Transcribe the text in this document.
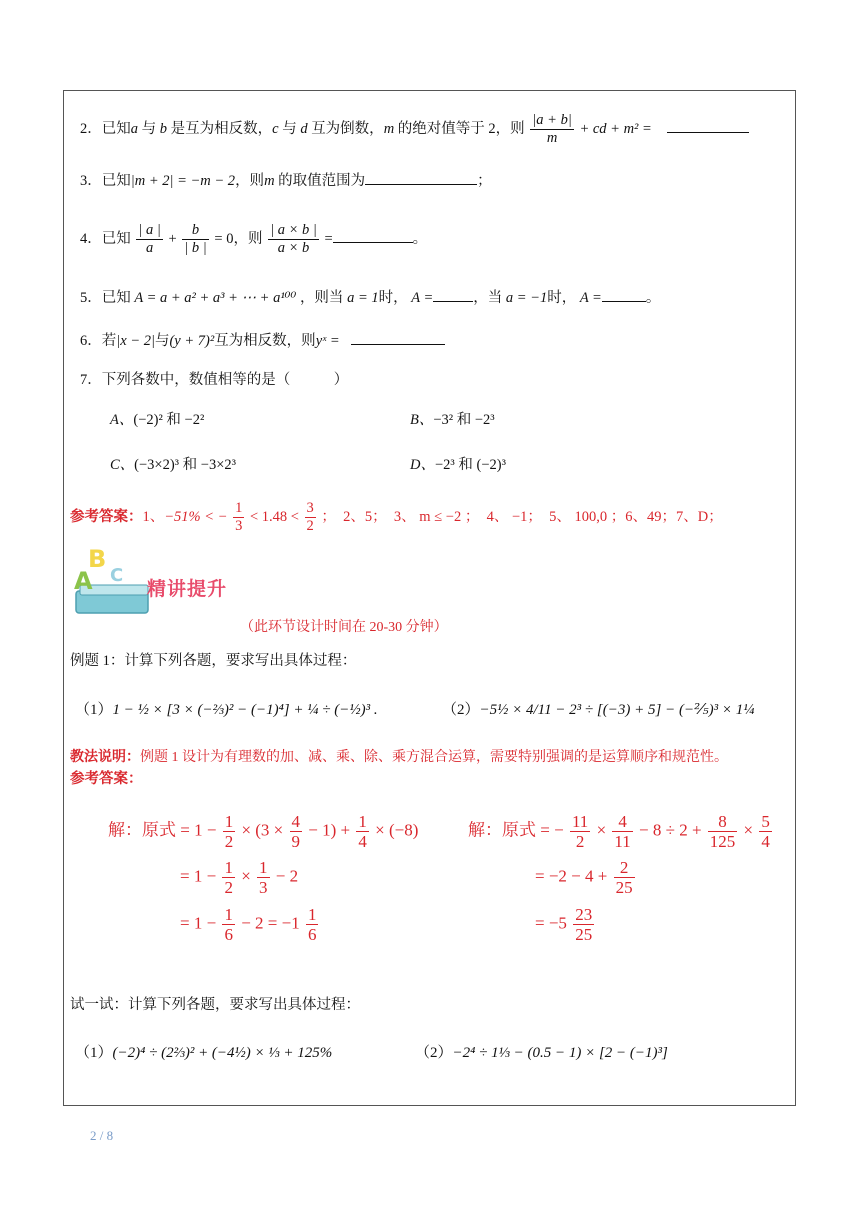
2．已知a 与 b 是互为相反数，c 与 d 互为倒数，m 的绝对值等于 2，则 $\frac{|a + b|}{m}$ + cd + m² =
3．已知|m + 2| = −m − 2，则m 的取值范围为	；
4．已知 $\frac{| a |}{a} + \frac{b}{| b |} = 0$，则 $\frac{| a \times b |}{a \times b}$ =	。
5．已知 A = a + a² + a³ + ⋯ + a¹⁰⁰ ，则当 a = 1时， A =	，当 a = −1时， A =	。
6．若|x − 2|与(y + 7)²互为相反数，则yˣ =
7．下列各数中，数值相等的是（　　　）
A、(−2)² 和 −2²	B、−3² 和 −2³
C、(−3×2)³ 和 −3×2³	D、−2³ 和 (−2)³
参考答案：1、−51% < − $\frac{1}{3} < 1.48 < \frac{3}{2}$ ；　2、5；　3、 m ≤ −2 ；　4、 −1；　5、 100,0 ；6、49；7、D；
B
A C
精讲提升
（此环节设计时间在 20-30 分钟）
例题 1：计算下列各题，要求写出具体过程：
（1）1 − ½ × [3 × (−⅔)² − (−1)⁴] + ¼ ÷ (−½)³ .	（2）−5½ × 4/11 − 2³ ÷ [(−3) + 5] − (−⅖)³ × 1¼
教法说明：例题 1 设计为有理数的加、减、乘、除、乘方混合运算，需要特别强调的是运算顺序和规范性。
参考答案：
解：原式 = $1 - \frac{1}{2} \times (3 \times \frac{4}{9} - 1) + \frac{1}{4} \times (-8)$
= $1 - \frac{1}{2} \times \frac{1}{3} - 2$
= $1 - \frac{1}{6} - 2 = -1 \frac{1}{6}$
解：原式 = − $\frac{11}{2} \times \frac{4}{11} - 8 \div 2 + \frac{8}{125} \times \frac{5}{4}$
= $-2 - 4 + \frac{2}{25}$
= $-5 \frac{23}{25}$
试一试：计算下列各题，要求写出具体过程：
（1）(−2)⁴ ÷ (2⅔)² + (−4½) × ⅓ + 125%	（2）−2⁴ ÷ 1⅓ − (0.5 − 1) × [2 − (−1)³]
2 / 8
